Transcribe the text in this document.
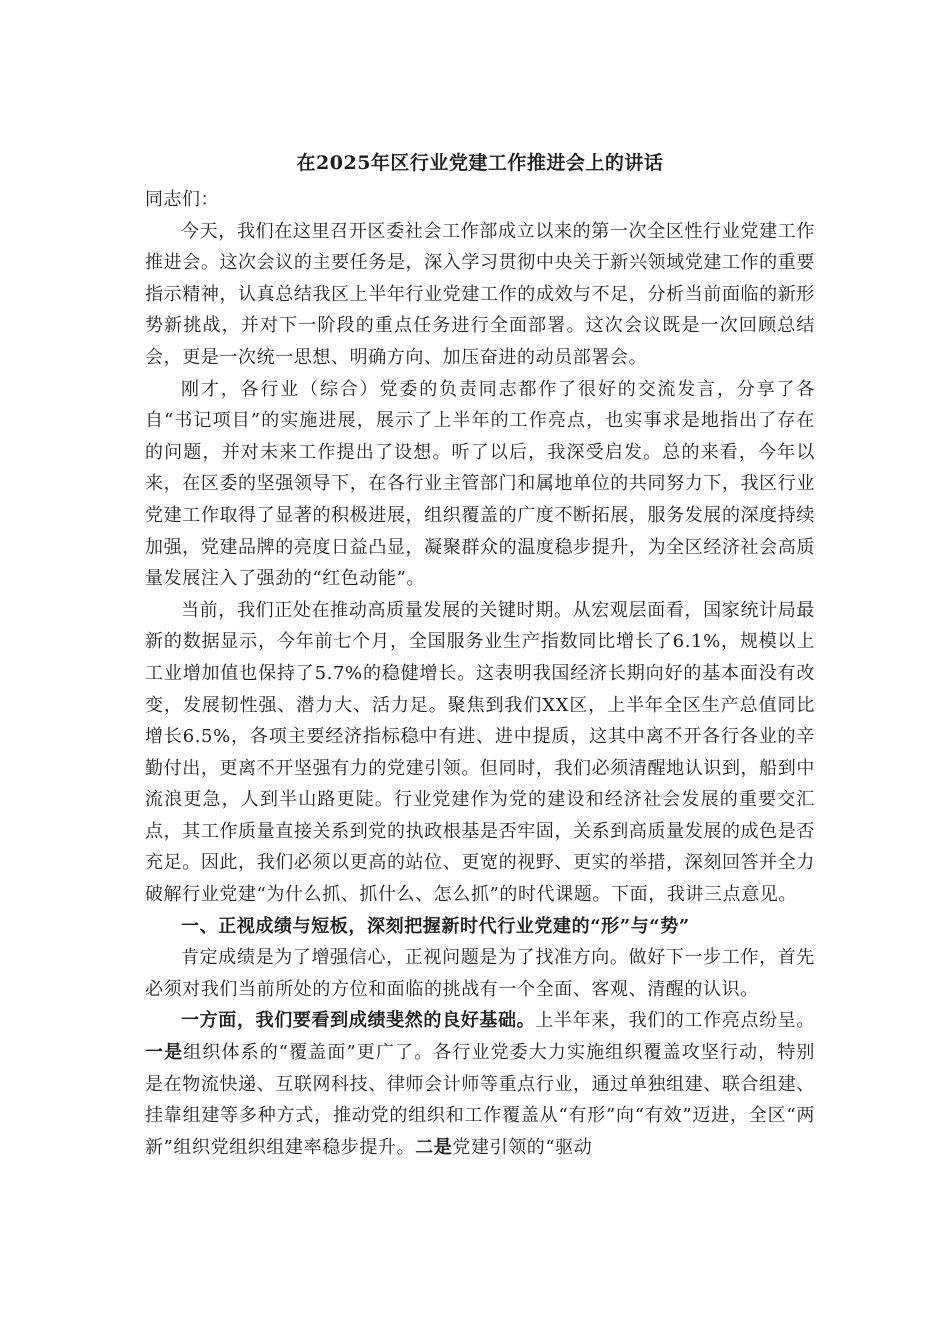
在2025年区行业党建工作推进会上的讲话

同志们：

今天，我们在这里召开区委社会工作部成立以来的第一次全区性行业党建工作推进会。这次会议的主要任务是，深入学习贯彻中央关于新兴领域党建工作的重要指示精神，认真总结我区上半年行业党建工作的成效与不足，分析当前面临的新形势新挑战，并对下一阶段的重点任务进行全面部署。这次会议既是一次回顾总结会，更是一次统一思想、明确方向、加压奋进的动员部署会。

刚才，各行业（综合）党委的负责同志都作了很好的交流发言，分享了各自“书记项目”的实施进展，展示了上半年的工作亮点，也实事求是地指出了存在的问题，并对未来工作提出了设想。听了以后，我深受启发。总的来看，今年以来，在区委的坚强领导下，在各行业主管部门和属地单位的共同努力下，我区行业党建工作取得了显著的积极进展，组织覆盖的广度不断拓展，服务发展的深度持续加强，党建品牌的亮度日益凸显，凝聚群众的温度稳步提升，为全区经济社会高质量发展注入了强劲的“红色动能”。

当前，我们正处在推动高质量发展的关键时期。从宏观层面看，国家统计局最新的数据显示，今年前七个月，全国服务业生产指数同比增长了6.1%，规模以上工业增加值也保持了5.7%的稳健增长。这表明我国经济长期向好的基本面没有改变，发展韧性强、潜力大、活力足。聚焦到我们XX区，上半年全区生产总值同比增长6.5%，各项主要经济指标稳中有进、进中提质，这其中离不开各行各业的辛勤付出，更离不开坚强有力的党建引领。但同时，我们必须清醒地认识到，船到中流浪更急，人到半山路更陡。行业党建作为党的建设和经济社会发展的重要交汇点，其工作质量直接关系到党的执政根基是否牢固，关系到高质量发展的成色是否充足。因此，我们必须以更高的站位、更宽的视野、更实的举措，深刻回答并全力破解行业党建“为什么抓、抓什么、怎么抓”的时代课题。下面，我讲三点意见。

一、正视成绩与短板，深刻把握新时代行业党建的“形”与“势”

肯定成绩是为了增强信心，正视问题是为了找准方向。做好下一步工作，首先必须对我们当前所处的方位和面临的挑战有一个全面、客观、清醒的认识。

一方面，我们要看到成绩斐然的良好基础。上半年来，我们的工作亮点纷呈。一是组织体系的“覆盖面”更广了。各行业党委大力实施组织覆盖攻坚行动，特别是在物流快递、互联网科技、律师会计师等重点行业，通过单独组建、联合组建、挂靠组建等多种方式，推动党的组织和工作覆盖从“有形”向“有效”迈进，全区“两新”组织党组织组建率稳步提升。二是党建引领的“驱动
